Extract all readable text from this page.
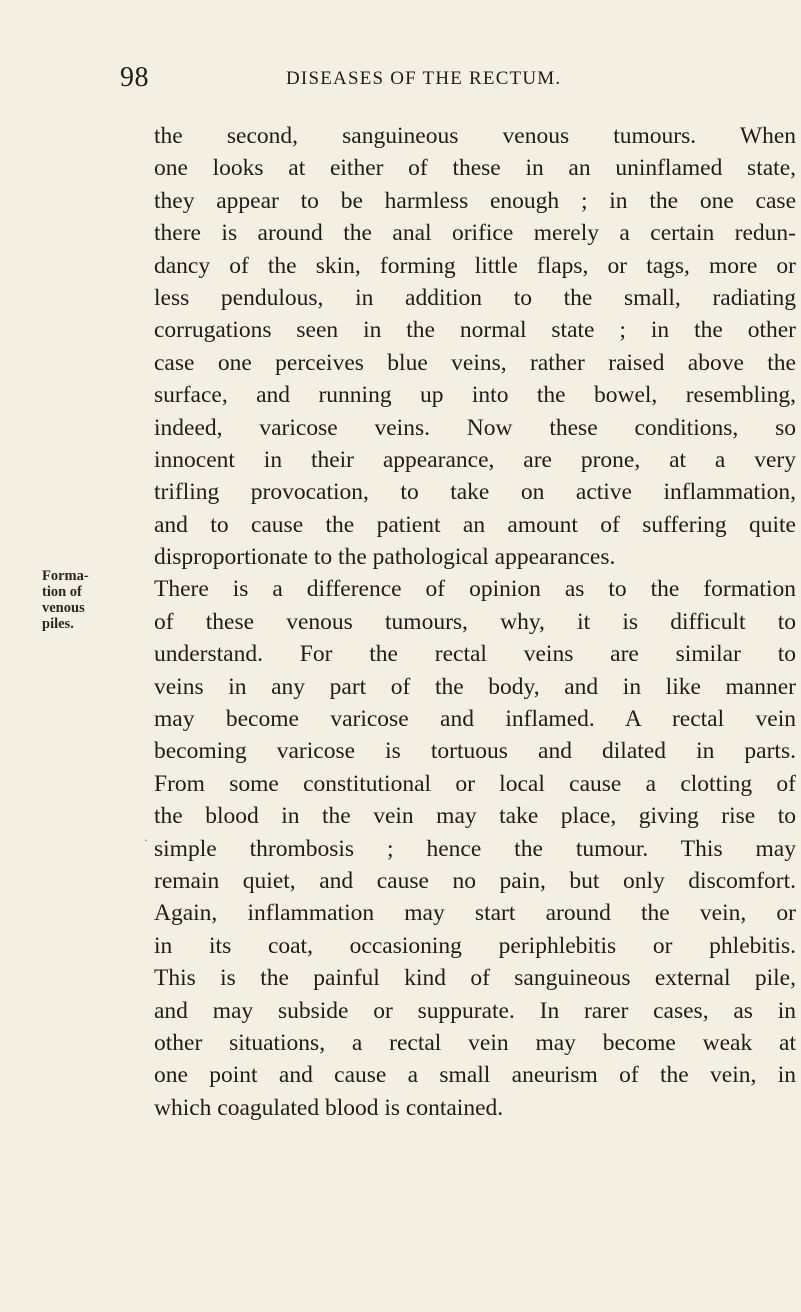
98	DISEASES OF THE RECTUM.
Forma-
tion of
venous
piles.
ˎ
the second, sanguineous venous tumours. When
one looks at either of these in an uninflamed state,
they appear to be harmless enough ; in the one case
there is around the anal orifice merely a certain redun-
dancy of the skin, forming little flaps, or tags, more or
less pendulous, in addition to the small, radiating
corrugations seen in the normal state ; in the other
case one perceives blue veins, rather raised above the
surface, and running up into the bowel, resembling,
indeed, varicose veins. Now these conditions, so
innocent in their appearance, are prone, at a very
trifling provocation, to take on active inflammation,
and to cause the patient an amount of suffering quite
disproportionate to the pathological appearances.
There is a difference of opinion as to the formation
of these venous tumours, why, it is difficult to
understand. For the rectal veins are similar to
veins in any part of the body, and in like manner
may become varicose and inflamed. A rectal vein
becoming varicose is tortuous and dilated in parts.
From some constitutional or local cause a clotting of
the blood in the vein may take place, giving rise to
simple thrombosis ; hence the tumour. This may
remain quiet, and cause no pain, but only discomfort.
Again, inflammation may start around the vein, or
in its coat, occasioning periphlebitis or phlebitis.
This is the painful kind of sanguineous external pile,
and may subside or suppurate. In rarer cases, as in
other situations, a rectal vein may become weak at
one point and cause a small aneurism of the vein, in
which coagulated blood is contained.
